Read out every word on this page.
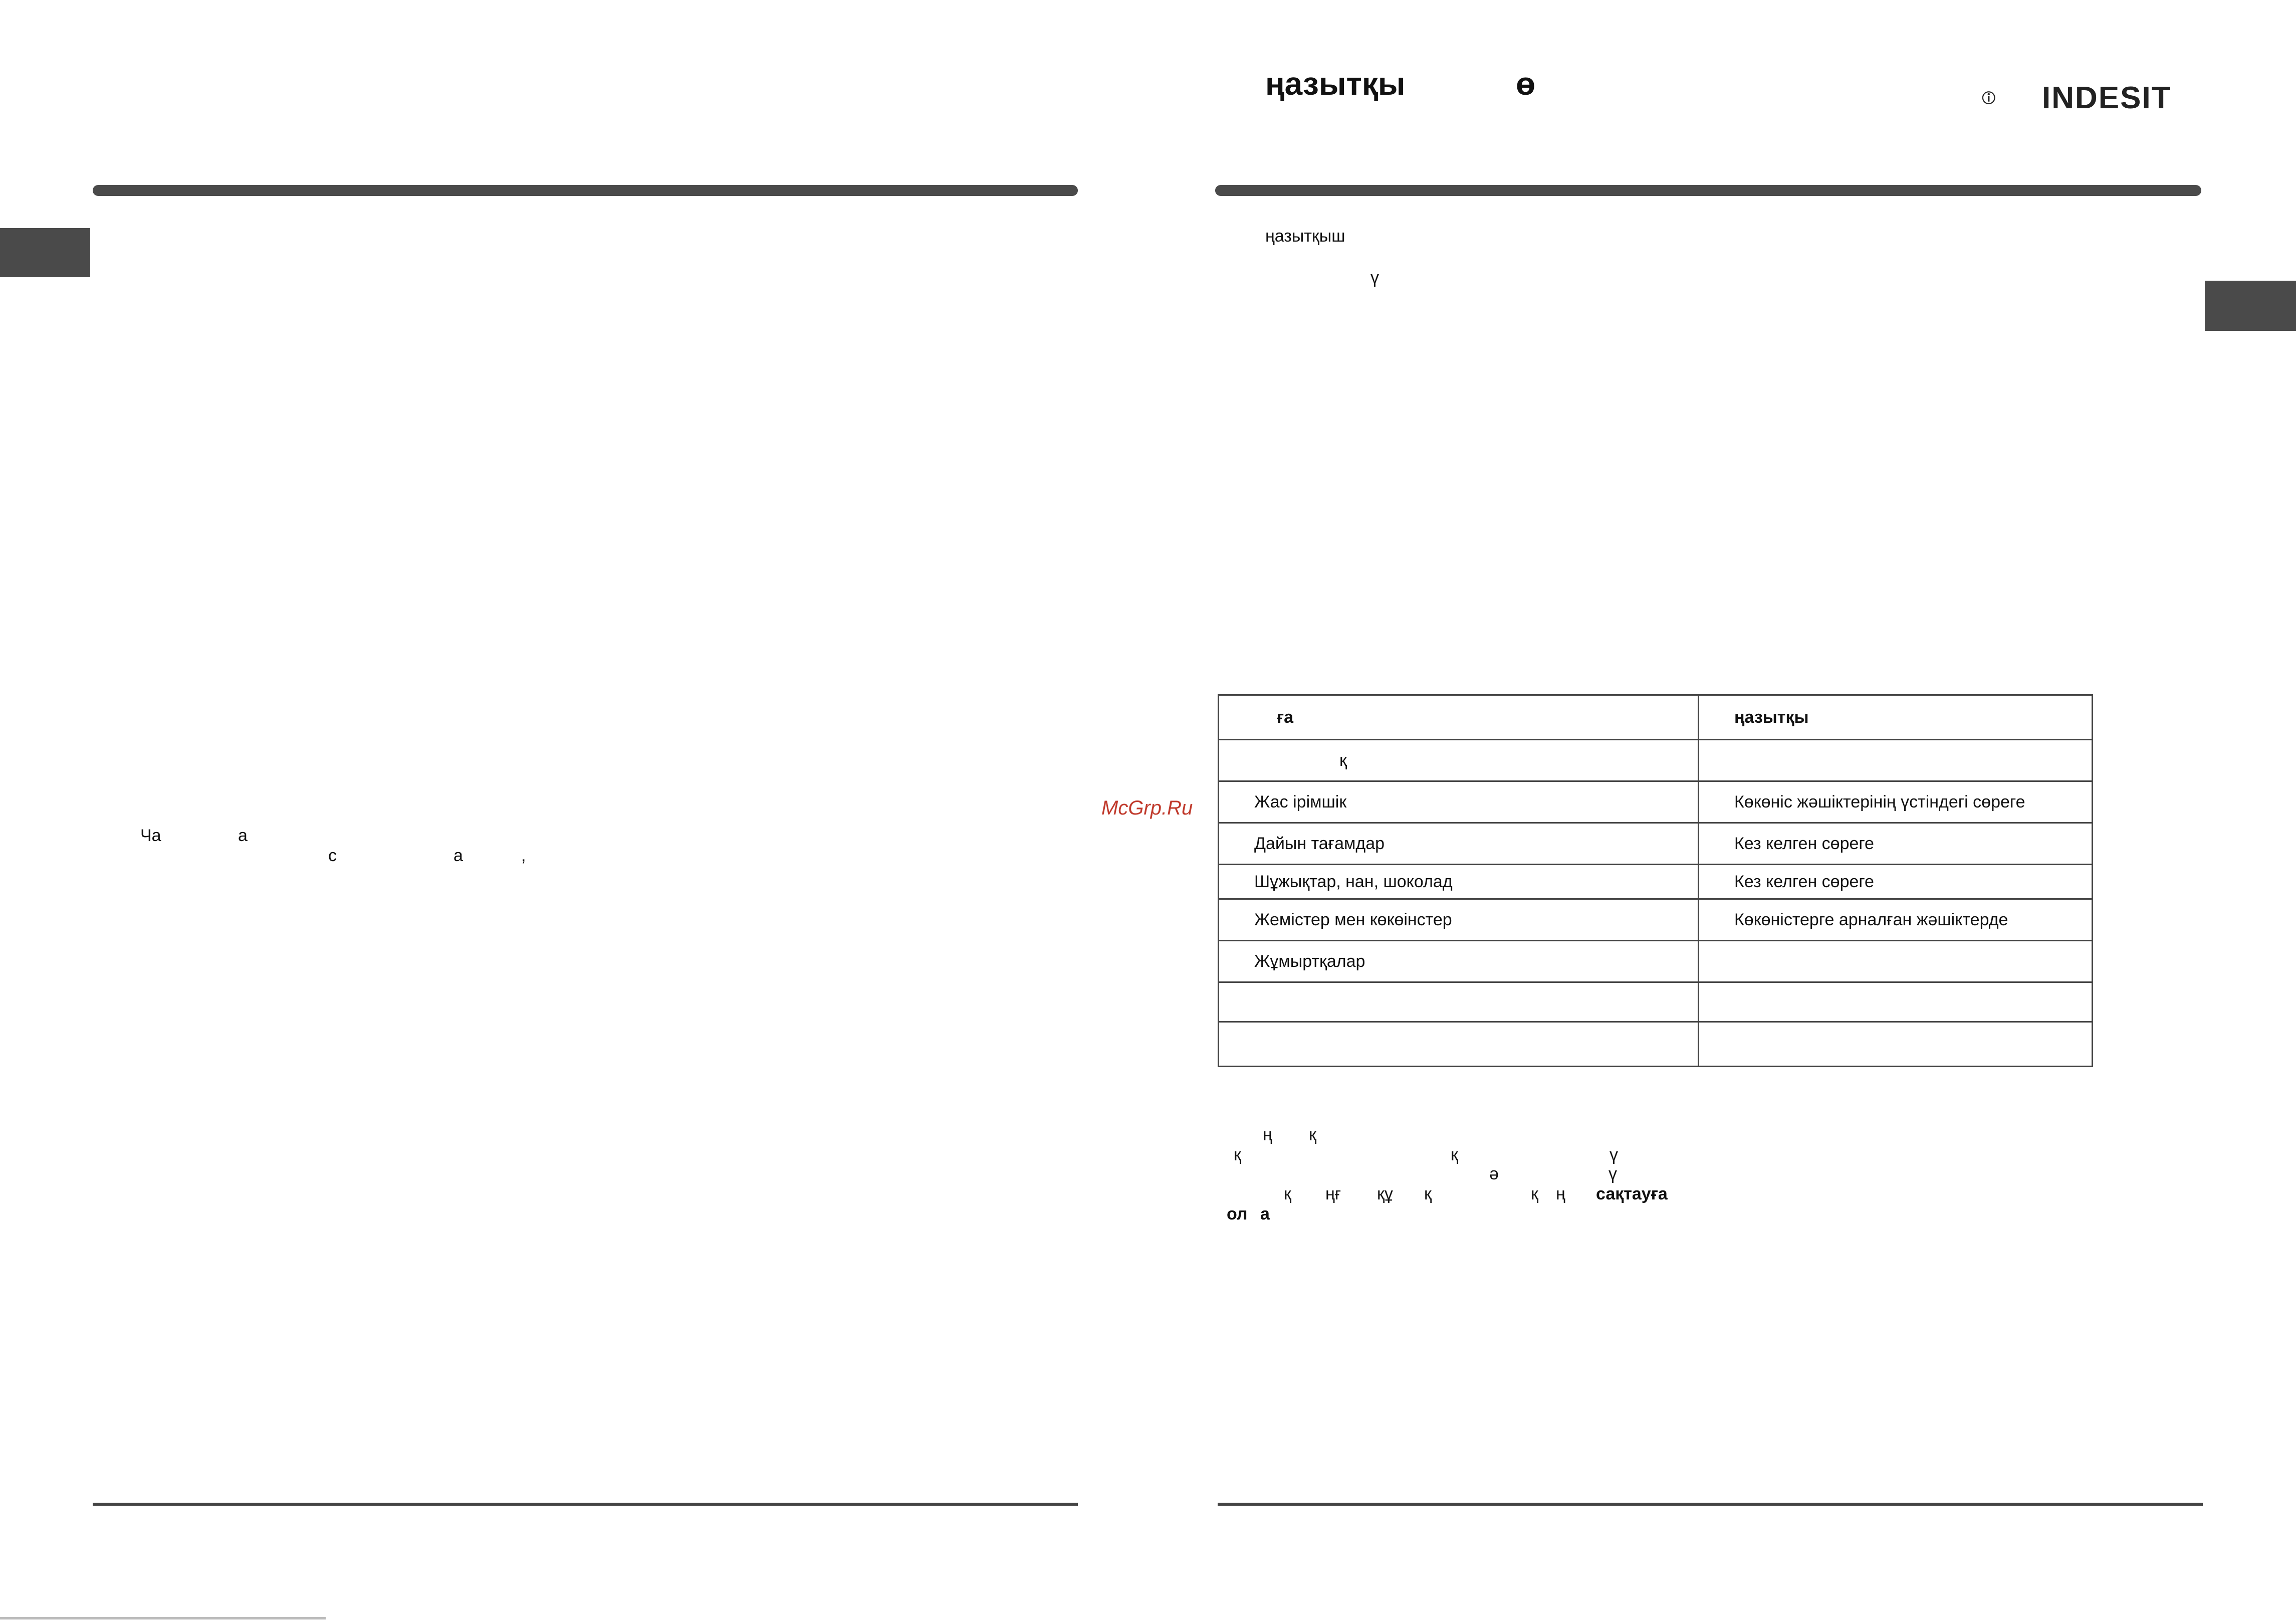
Ча	а
с	а	,
ңазытқы	ө	INDESIT
ңазытқыш
ү
McGrp.Ru
ға	ңазытқы
қ	
Жас ірімшік	Көкөніс жәшіктерінің үстіндегі сөреге
Дайын тағамдар	Кез келген сөреге
Шұжықтар, нан, шоколад	Кез келген сөреге
Жемістер мен көкөінстер	Көкөністерге арналған жәшіктерде
Жұмыртқалар	

ң қ
қ	қ	ү
ә	ү
қ ңғ құ қ	қ ң сақтауға
ол а
